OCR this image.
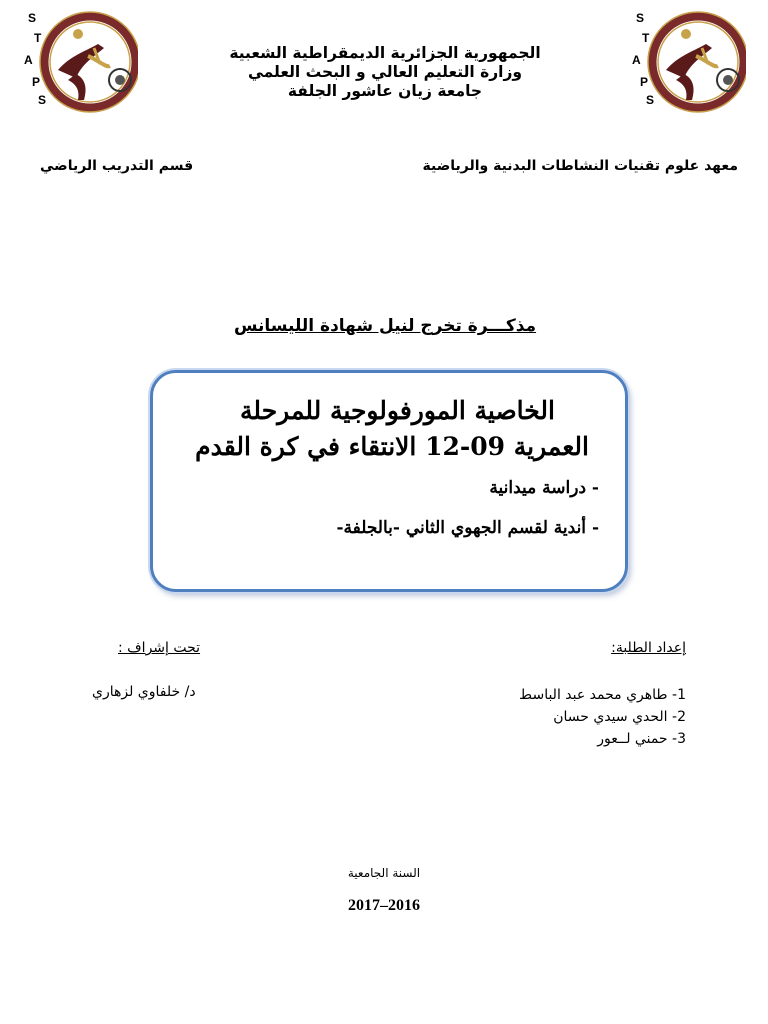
S
T
A
P
S
S
T
A
P
S
الجمهورية الجزائرية الديمقراطية الشعبية
وزارة التعليم العالي و البحث العلمي
جامعة زيان عاشور الجلفة
معهد علوم تقنيات النشاطات البدنية والرياضية
قسم التدريب الرياضي
مذكـــرة تخرج لنيل شهادة الليسانس
الخاصية المورفولوجية للمرحلة
العمرية 09-12 الانتقاء في كرة القدم
- دراسة ميدانية
- أندية لقسم الجهوي الثاني -بالجلفة-
إعداد الطلبة:
تحت إشراف :
1- طاهري محمد عبد الباسط
2- الحدي سيدي حسان
3- حمني لــعور
د/ خلفاوي لزهاري
السنة الجامعية
2017–2016
